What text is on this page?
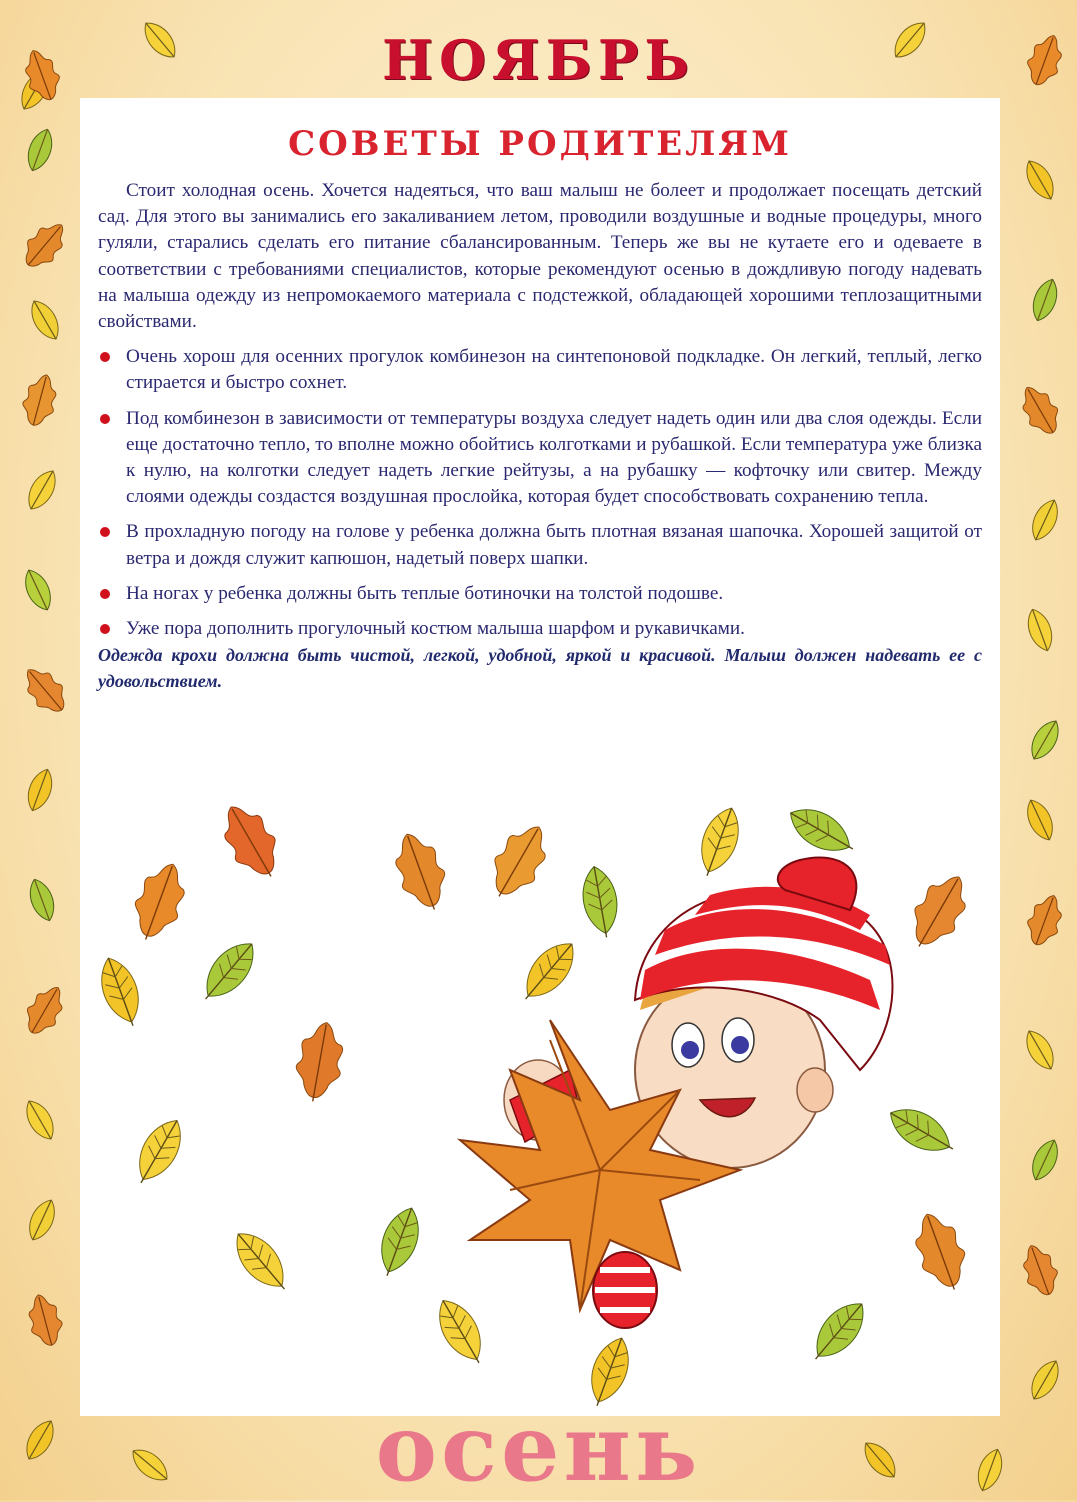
НОЯБРЬ
СОВЕТЫ РОДИТЕЛЯМ

Стоит холодная осень. Хочется надеяться, что ваш малыш не болеет и продолжает посещать детский сад. Для этого вы занимались его закаливанием летом, проводили воздушные и водные процедуры, много гуляли, старались сделать его питание сбалансированным. Теперь же вы не кутаете его и одеваете в соответствии с требованиями специалистов, которые рекомендуют осенью в дождливую погоду надевать на малыша одежду из непромокаемого материала с подстежкой, обладающей хорошими теплозащитными свойствами.

Очень хорош для осенних прогулок комбинезон на синтепоновой подкладке. Он легкий, теплый, легко стирается и быстро сохнет.
Под комбинезон в зависимости от температуры воздуха следует надеть один или два слоя одежды. Если еще достаточно тепло, то вполне можно обойтись колготками и рубашкой. Если температура уже близка к нулю, на колготки следует надеть легкие рейтузы, а на рубашку — кофточку или свитер. Между слоями одежды создастся воздушная прослойка, которая будет способствовать сохранению тепла.
В прохладную погоду на голове у ребенка должна быть плотная вязаная шапочка. Хорошей защитой от ветра и дождя служит капюшон, надетый поверх шапки.
На ногах у ребенка должны быть теплые ботиночки на толстой подошве.
Уже пора дополнить прогулочный костюм малыша шарфом и рукавичками.

Одежда крохи должна быть чистой, легкой, удобной, яркой и красивой. Малыш должен надевать ее с удовольствием.

осень
